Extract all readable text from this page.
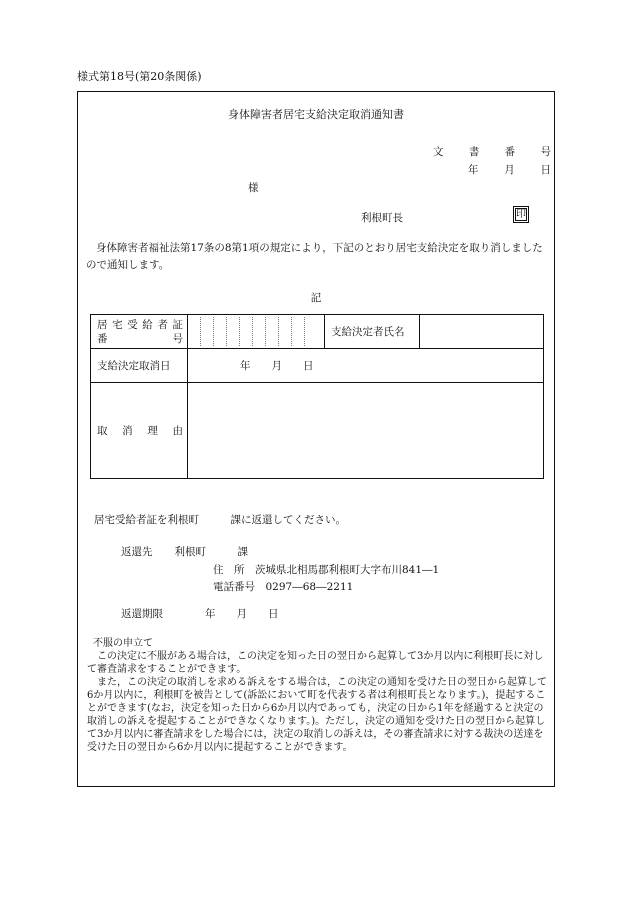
様式第18号(第20条関係)
身体障害者居宅支給決定取消通知書
文　書　番　号
年　月　日
様
利根町長	印
身体障害者福祉法第17条の8第1項の規定により，下記のとおり居宅支給決定を取り消しましたので通知します。
記
居宅受給者証
番　　　号		支給決定者氏名	
支給決定取消日	年　　月　　日		
取　消　理　由			
居宅受給者証を利根町　　　課に返還してください。
返還先 利根町　　　課
住　所　茨城県北相馬郡利根町大字布川841―1
電話番号　0297―68―2211
返還期限	年　　月　　日

不服の申立て

この決定に不服がある場合は，この決定を知った日の翌日から起算して3か月以内に利根町長に対して審査請求をすることができます。

また，この決定の取消しを求める訴えをする場合は，この決定の通知を受けた日の翌日から起算して6か月以内に，利根町を被告として(訴訟において町を代表する者は利根町長となります。)，提起することができます(なお，決定を知った日から6か月以内であっても，決定の日から1年を経過すると決定の取消しの訴えを提起することができなくなります。)。ただし，決定の通知を受けた日の翌日から起算して3か月以内に審査請求をした場合には，決定の取消しの訴えは，その審査請求に対する裁決の送達を受けた日の翌日から6か月以内に提起することができます。
